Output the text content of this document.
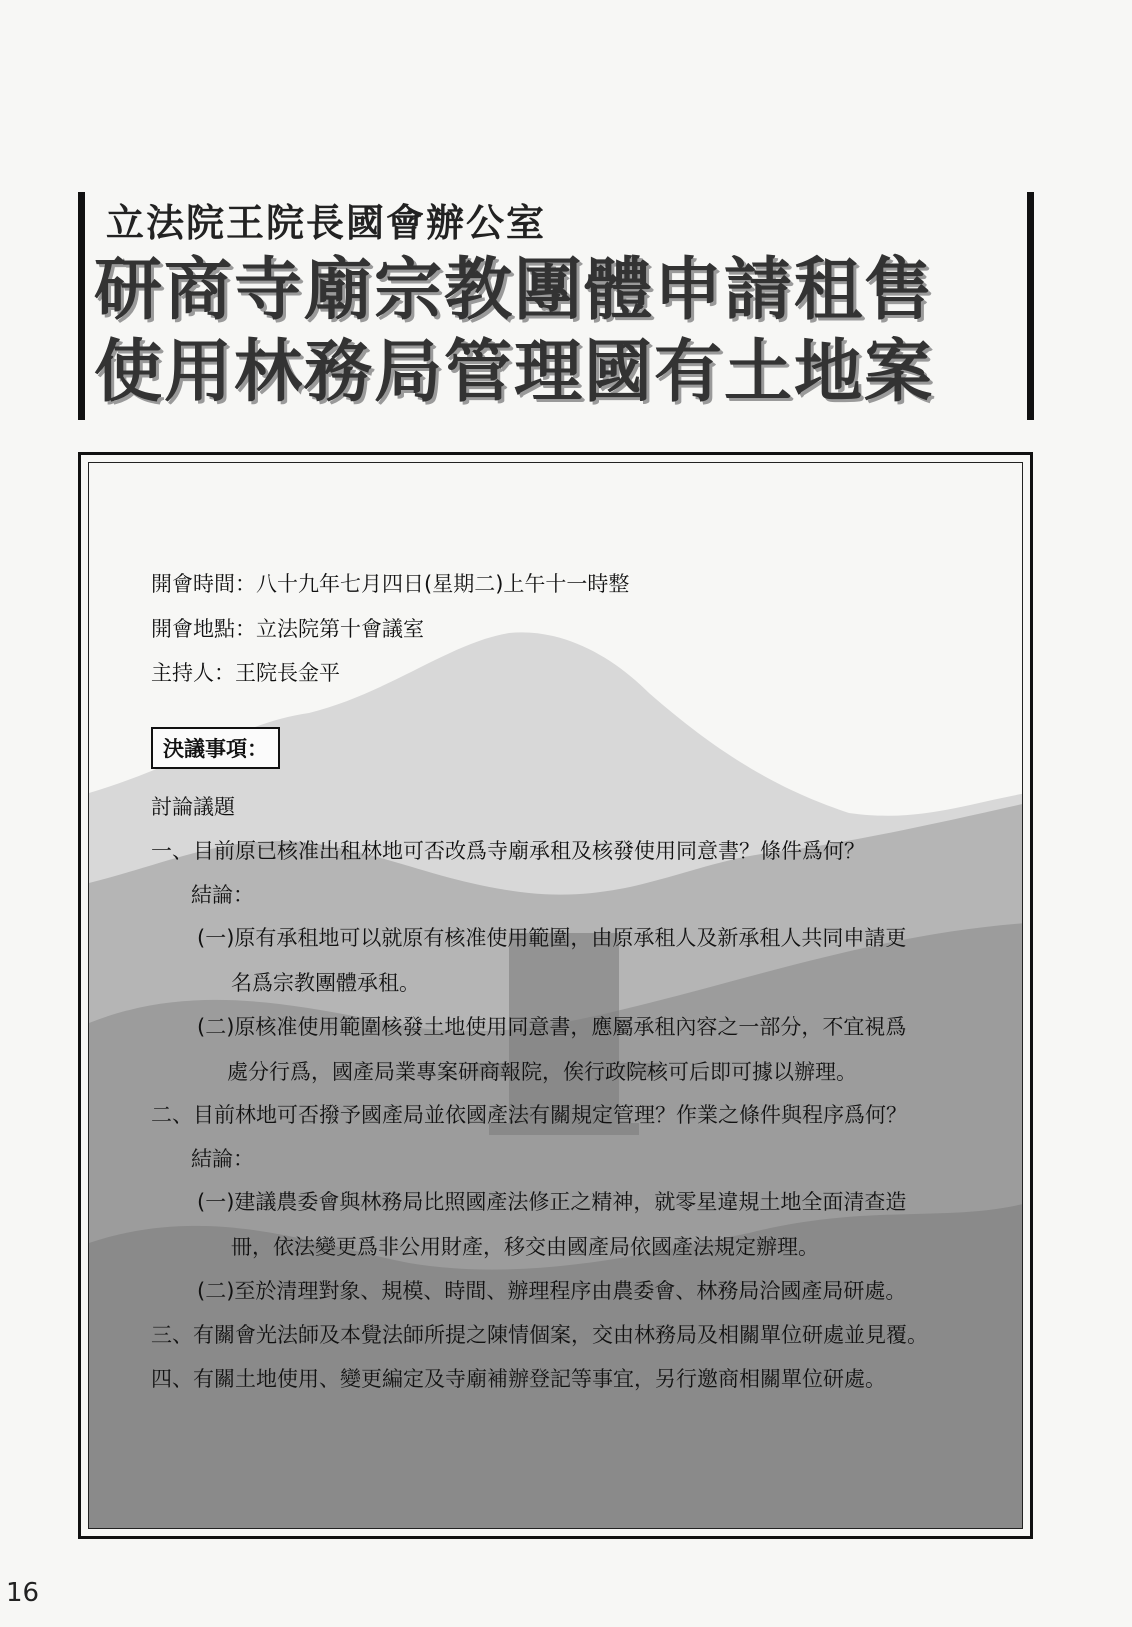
立法院王院長國會辦公室
研商寺廟宗教團體申請租售
使用林務局管理國有土地案
開會時間：八十九年七月四日(星期二)上午十一時整
開會地點：立法院第十會議室
主持人：王院長金平
決議事項：
討論議題
一、目前原已核准出租林地可否改爲寺廟承租及核發使用同意書？條件爲何？
結論：
(一)原有承租地可以就原有核准使用範圍，由原承租人及新承租人共同申請更
名爲宗教團體承租。
(二)原核准使用範圍核發土地使用同意書，應屬承租內容之一部分，不宜視爲
處分行爲，國產局業專案研商報院，俟行政院核可后即可據以辦理。
二、目前林地可否撥予國產局並依國產法有關規定管理？作業之條件與程序爲何？
結論：
(一)建議農委會與林務局比照國產法修正之精神，就零星違規土地全面清查造
冊，依法變更爲非公用財產，移交由國產局依國產法規定辦理。
(二)至於清理對象、規模、時間、辦理程序由農委會、林務局洽國產局研處。
三、有關會光法師及本覺法師所提之陳情個案，交由林務局及相關單位研處並見覆。
四、有關土地使用、變更編定及寺廟補辦登記等事宜，另行邀商相關單位研處。
16
